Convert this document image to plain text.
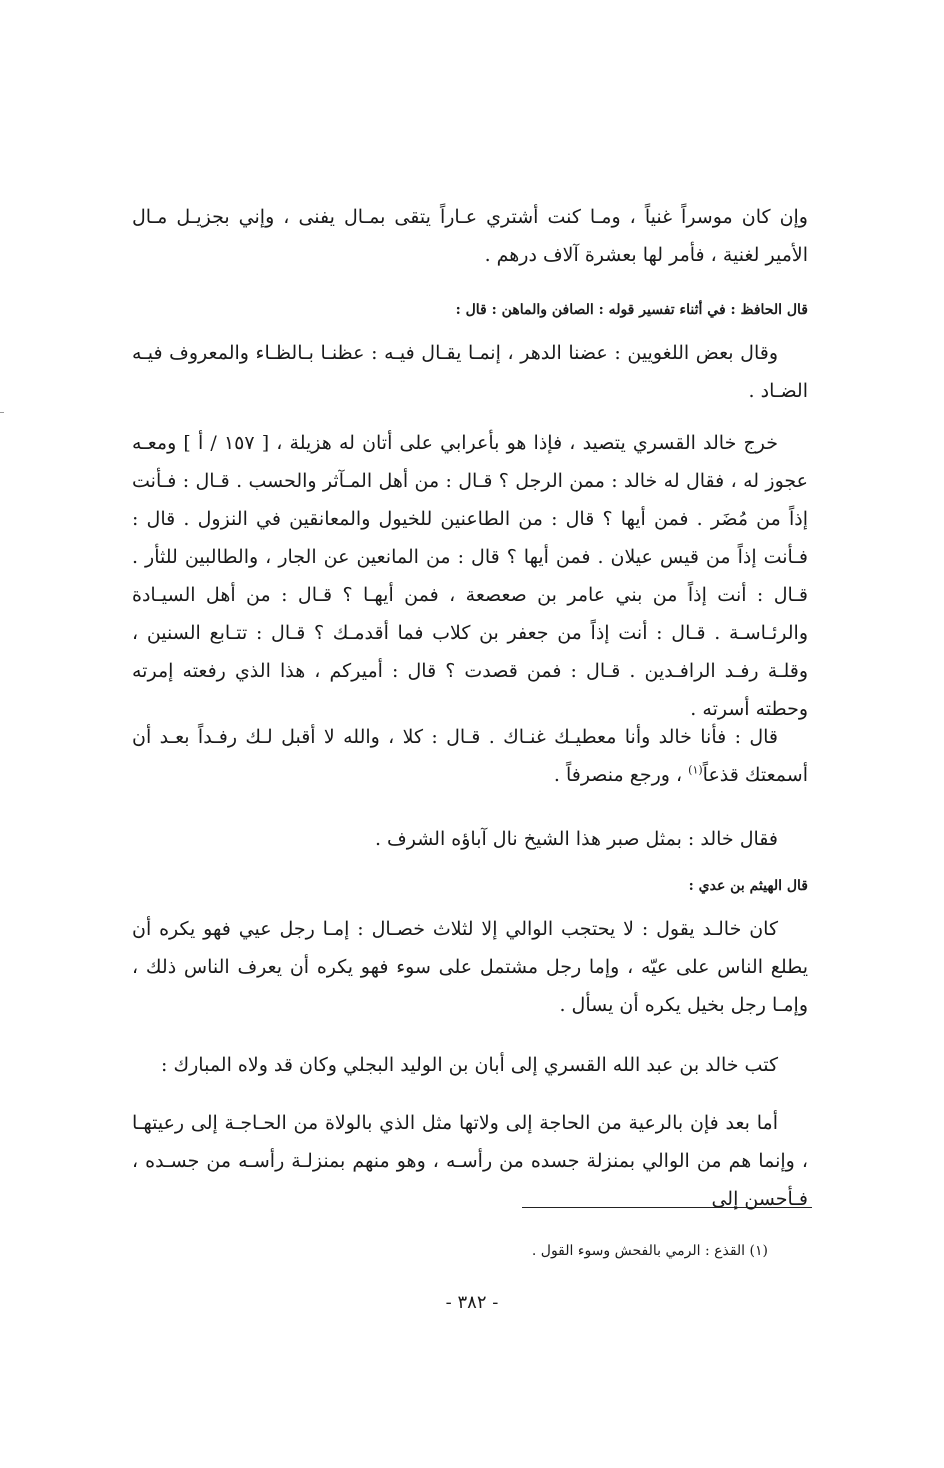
وإن كان موسراً غنياً ، ومـا كنت أشتري عـاراً يتقى بمـال يفنى ، وإني بجزيـل مـال الأمير لغنية ، فأمر لها بعشرة آلاف درهم .

قال الحافظ : في أثناء تفسير قوله : الصافن والماهن : قال :

وقال بعض اللغويين : عضنا الدهر ، إنمـا يقـال فيـه : عظنـا بـالظـاء والمعروف فيـه الضـاد .

خرج خالد القسري يتصيد ، فإذا هو بأعرابي على أتان له هزيلة ، [ ١٥٧ / أ ] ومعـه عجوز له ، فقال له خالد : ممن الرجل ؟ قـال : من أهل المـآثر والحسب . قـال : فـأنت إذاً من مُضَر . فمن أيها ؟ قال : من الطاعنين للخيول والمعانقين في النزول . قال : فـأنت إذاً من قيس عيلان . فمن أيها ؟ قال : من المانعين عن الجار ، والطالبين للثأر . قـال : أنت إذاً من بني عامر بن صعصعة ، فمن أيهـا ؟ قـال : من أهل السيـادة والرئـاسـة . قـال : أنت إذاً من جعفر بن كلاب فما أقدمـك ؟ قـال : تتـابع السنين ، وقلـة رفـد الرافـدين . قـال : فمن قصدت ؟ قال : أميركم ، هذا الذي رفعته إمرته وحطته أسرته .

قال : فأنا خالد وأنا معطيـك غنـاك . قـال : كلا ، والله لا أقبل لـك رفـداً بعـد أن أسمعتك قذعاً$^{(١)}$ ، ورجع منصرفاً .

فقال خالد : بمثل صبر هذا الشيخ نال آباؤه الشرف .

قال الهيثم بن عدي :

كان خالـد يقول : لا يحتجب الوالي إلا لثلاث خصـال : إمـا رجل عيي فهو يكره أن يطلع الناس على عيّه ، وإما رجل مشتمل على سوء فهو يكره أن يعرف الناس ذلك ، وإمـا رجل بخيل يكره أن يسأل .

كتب خالد بن عبد الله القسري إلى أبان بن الوليد البجلي وكان قد ولاه المبارك :

أما بعد فإن بالرعية من الحاجة إلى ولاتها مثل الذي بالولاة من الحـاجـة إلى رعيتهـا ، وإنما هم من الوالي بمنزلة جسده من رأسـه ، وهو منهم بمنزلـة رأسـه من جسـده ، فـأحسن إلى

(١) القذع : الرمي بالفحش وسوء القول .

- ٣٨٢ -
